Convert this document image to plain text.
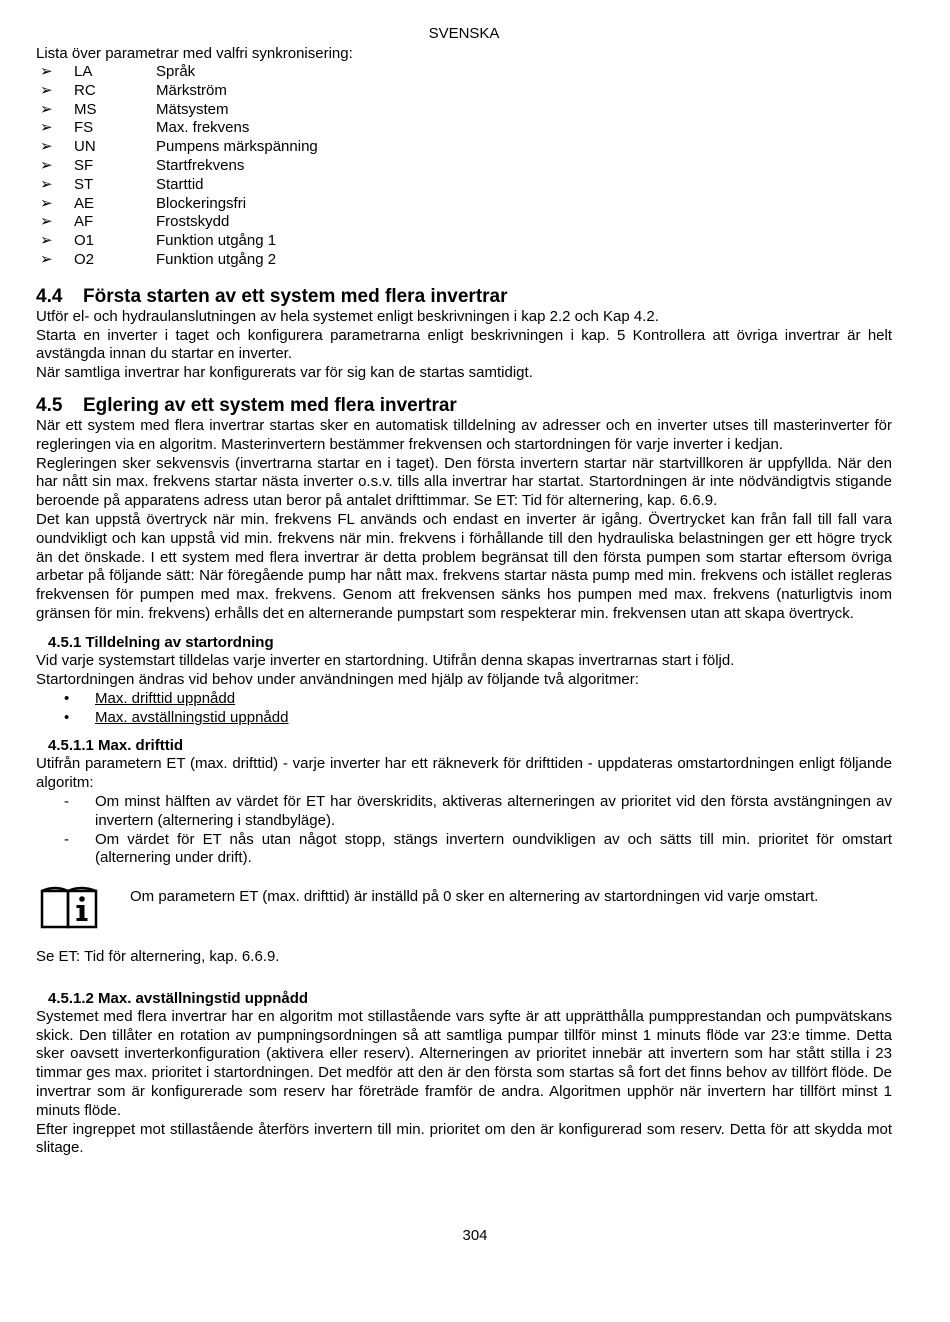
SVENSKA

Lista över parametrar med valfri synkronisering:

➢	LA	Språk
➢	RC	Märkström
➢	MS	Mätsystem
➢	FS	Max. frekvens
➢	UN	Pumpens märkspänning
➢	SF	Startfrekvens
➢	ST	Starttid
➢	AE	Blockeringsfri
➢	AF	Frostskydd
➢	O1	Funktion utgång 1
➢	O2	Funktion utgång 2
4.4 Första starten av ett system med flera invertrar

Utför el- och hydraulanslutningen av hela systemet enligt beskrivningen i kap 2.2 och Kap 4.2.

Starta en inverter i taget och konfigurera parametrarna enligt beskrivningen i kap. 5 Kontrollera att övriga invertrar är helt avstängda innan du startar en inverter.

När samtliga invertrar har konfigurerats var för sig kan de startas samtidigt.

4.5 Eglering av ett system med flera invertrar

När ett system med flera invertrar startas sker en automatisk tilldelning av adresser och en inverter utses till masterinverter för regleringen via en algoritm. Masterinvertern bestämmer frekvensen och startordningen för varje inverter i kedjan.

Regleringen sker sekvensvis (invertrarna startar en i taget). Den första invertern startar när startvillkoren är uppfyllda. När den har nått sin max. frekvens startar nästa inverter o.s.v. tills alla invertrar har startat. Startordningen är inte nödvändigtvis stigande beroende på apparatens adress utan beror på antalet drifttimmar. Se ET: Tid för alternering, kap. 6.6.9.

Det kan uppstå övertryck när min. frekvens FL används och endast en inverter är igång. Övertrycket kan från fall till fall vara oundvikligt och kan uppstå vid min. frekvens när min. frekvens i förhållande till den hydrauliska belastningen ger ett högre tryck än det önskade. I ett system med flera invertrar är detta problem begränsat till den första pumpen som startar eftersom övriga arbetar på följande sätt: När föregående pump har nått max. frekvens startar nästa pump med min. frekvens och istället regleras frekvensen för pumpen med max. frekvens. Genom att frekvensen sänks hos pumpen med max. frekvens (naturligtvis inom gränsen för min. frekvens) erhålls det en alternerande pumpstart som respekterar min. frekvensen utan att skapa övertryck.

4.5.1 Tilldelning av startordning

Vid varje systemstart tilldelas varje inverter en startordning. Utifrån denna skapas invertrarnas start i följd.

Startordningen ändras vid behov under användningen med hjälp av följande två algoritmer:

•	Max. drifttid uppnådd
•	Max. avställningstid uppnådd
4.5.1.1 Max. drifttid

Utifrån parametern ET (max. drifttid) - varje inverter har ett räkneverk för drifttiden - uppdateras omstartordningen enligt följande algoritm:

-	Om minst hälften av värdet för ET har överskridits, aktiveras alterneringen av prioritet vid den första avstängningen av invertern (alternering i standbyläge).
-	Om värdet för ET nås utan något stopp, stängs invertern oundvikligen av och sätts till min. prioritet för omstart (alternering under drift).

Om parametern ET (max. drifttid) är inställd på 0 sker en alternering av startordningen vid varje omstart.

Se ET: Tid för alternering, kap. 6.6.9.

4.5.1.2 Max. avställningstid uppnådd

Systemet med flera invertrar har en algoritm mot stillastående vars syfte är att upprätthålla pumpprestandan och pumpvätskans skick. Den tillåter en rotation av pumpningsordningen så att samtliga pumpar tillför minst 1 minuts flöde var 23:e timme. Detta sker oavsett inverterkonfiguration (aktivera eller reserv). Alterneringen av prioritet innebär att invertern som har stått stilla i 23 timmar ges max. prioritet i startordningen. Det medför att den är den första som startas så fort det finns behov av tillfört flöde. De invertrar som är konfigurerade som reserv har företräde framför de andra. Algoritmen upphör när invertern har tillfört minst 1 minuts flöde.

Efter ingreppet mot stillastående återförs invertern till min. prioritet om den är konfigurerad som reserv. Detta för att skydda mot slitage.

304
